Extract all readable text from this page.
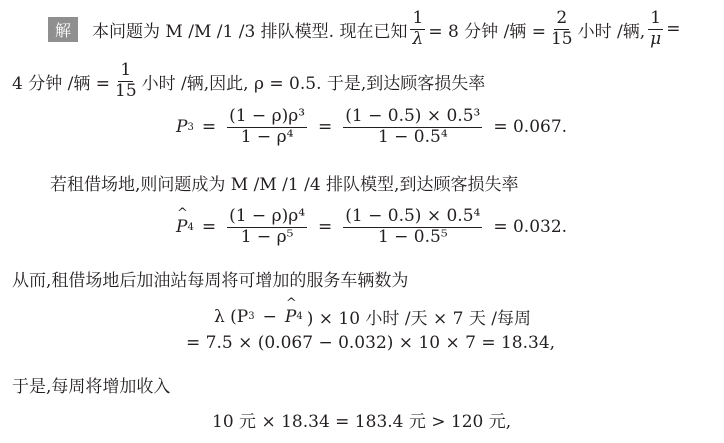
解	本问题为 M /M /1 /3 排队模型. 现在已知 $\frac{1}{\lambda} = 8$ 分钟 /辆 = $\frac{2}{15}$ 小时 /辆, $\frac{1}{\mu}$ =
4 分钟 /辆 = $\frac{1}{15}$ 小时 /辆,因此, ρ = 0.5. 于是,到达顾客损失率
P $3 = \frac{\text{(1 − ρ)ρ³}}{\text{1 − ρ⁴}} = \frac{\text{(1 − 0.5) × 0.5³}}{\text{1 − 0.5⁴}} = 0.067$.
若租借场地,则问题成为 M /M /1 /4 排队模型,到达顾客损失率
^ P $4 = \frac{\text{(1 − ρ)ρ⁴}}{\text{1 − ρ⁵}} = \frac{\text{(1 − 0.5) × 0.5⁴}}{\text{1 − 0.5⁵}} = 0.032$.
从而,租借场地后加油站每周将可增加的服务车辆数为
λ (P 3 −
^ P 4 ) × 10 小时 /天 × 7 天 /每周
= 7.5 × (0.067 − 0.032) × 10 × 7 = 18.34,
于是,每周将增加收入
10 元 × 18.34 = 183.4 元 > 120 元,
